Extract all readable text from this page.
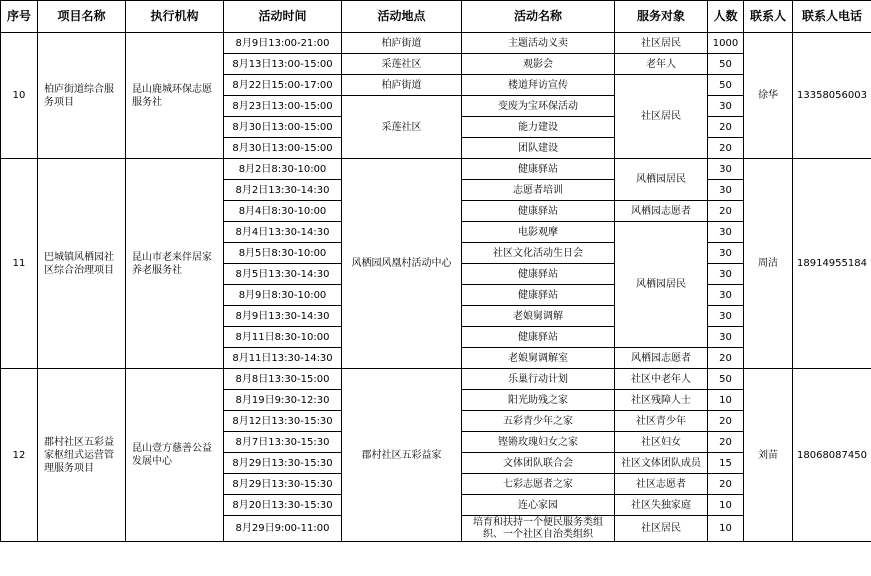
序号	项目名称	执行机构	活动时间	活动地点	活动名称	服务对象	人数	联系人	联系人电话
10	柏庐街道综合服务项目	昆山鹿城环保志愿服务社	8月9日13:00-21:00	柏庐街道	主题活动义卖	社区居民	1000	徐华	13358056003
			8月13日13:00-15:00	采莲社区	观影会	老年人	50		
			8月22日15:00-17:00	柏庐街道	楼道拜访宣传	社区居民	50		
			8月23日13:00-15:00	采莲社区	变废为宝环保活动		30		
			8月30日13:00-15:00		能力建设		20		
			8月30日13:00-15:00		团队建设		20		
11	巴城镇风栖园社区综合治理项目	昆山市老来伴居家养老服务社	8月2日8:30-10:00	风栖园风凰村活动中心	健康驿站	风栖园居民	30	周洁	18914955184
			8月2日13:30-14:30		志愿者培训		30		
			8月4日8:30-10:00		健康驿站	风栖园志愿者	20		
			8月4日13:30-14:30		电影观摩	风栖园居民	30		
			8月5日8:30-10:00		社区文化活动生日会		30		
			8月5日13:30-14:30		健康驿站		30		
			8月9日8:30-10:00		健康驿站		30		
			8月9日13:30-14:30		老娘舅调解		30		
			8月11日8:30-10:00		健康驿站		30		
			8月11日13:30-14:30		老娘舅调解室	风栖园志愿者	20		
12	郡村社区五彩益家枢纽式运营管理服务项目	昆山壹方慈善公益发展中心	8月8日13:30-15:00	郡村社区五彩益家	乐巢行动计划	社区中老年人	50	刘苗	18068087450
			8月19日9:30-12:30		阳光助残之家	社区残障人士	10		
			8月12日13:30-15:30		五彩青少年之家	社区青少年	20		
			8月7日13:30-15:30		铿锵玫瑰妇女之家	社区妇女	20		
			8月29日13:30-15:30		文体团队联合会	社区文体团队成员	15		
			8月29日13:30-15:30		七彩志愿者之家	社区志愿者	20		
			8月20日13:30-15:30		连心家园	社区失独家庭	10		
			8月29日9:00-11:00		培育和扶持一个便民服务类组织、一个社区自治类组织	社区居民	10		
